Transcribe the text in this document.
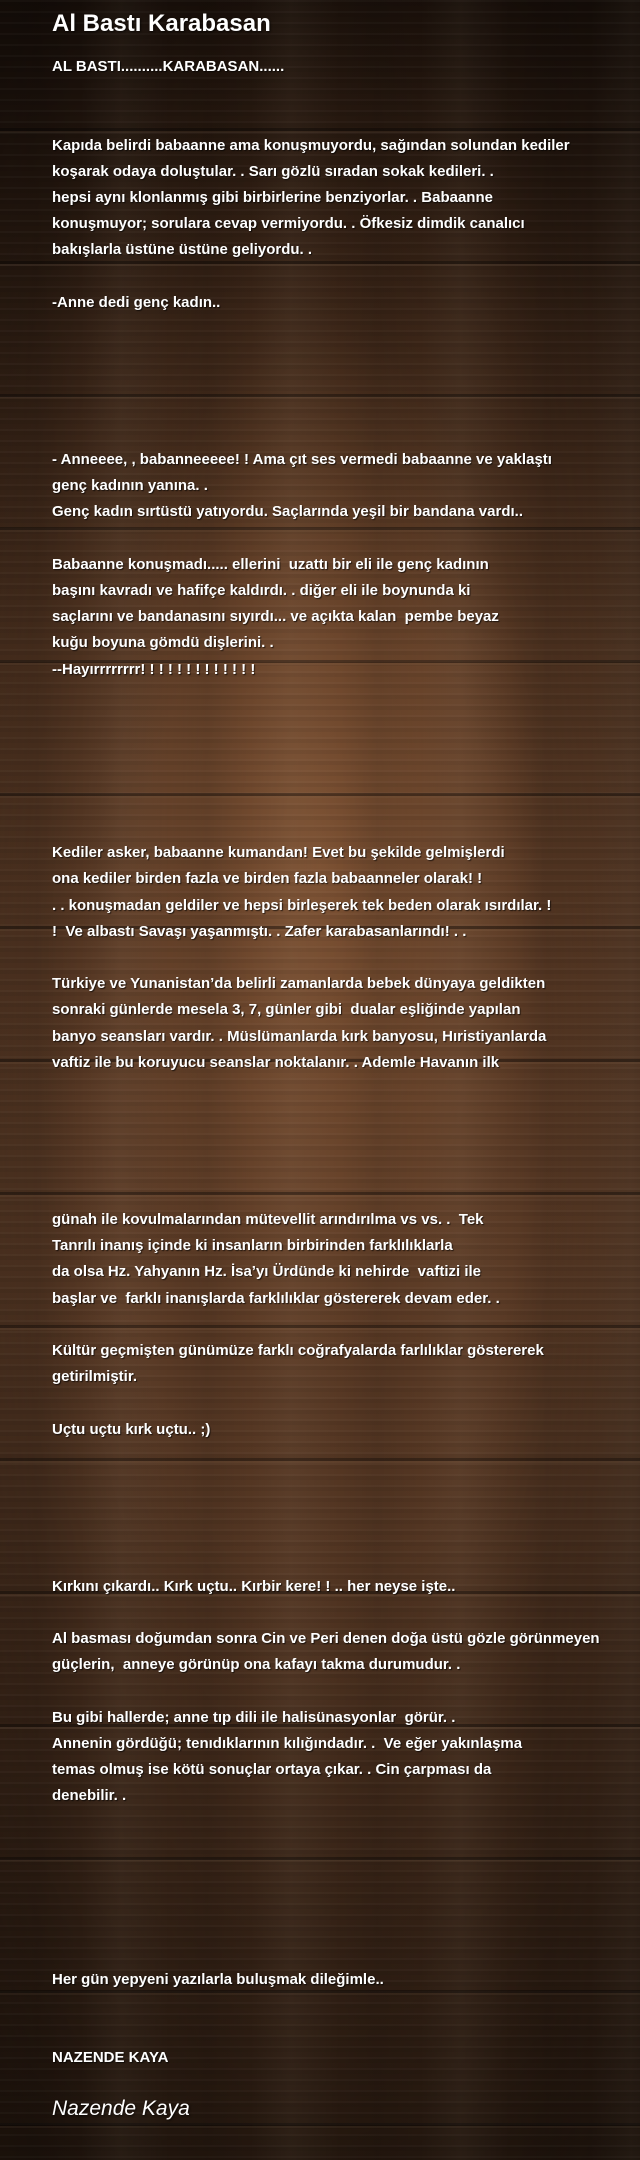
Al Bastı Karabasan
AL BASTI..........KARABASAN......

Kapıda belirdi babaanne ama konuşmuyordu, sağından solundan kediler
koşarak odaya doluştular. . Sarı gözlü sıradan sokak kedileri. .
hepsi aynı klonlanmış gibi birbirlerine benziyorlar. . Babaanne
konuşmuyor; sorulara cevap vermiyordu. . Öfkesiz dimdik canalıcı
bakışlarla üstüne üstüne geliyordu. .

-Anne dedi genç kadın..

- Anneeee, , babanneeeee! ! Ama çıt ses vermedi babaanne ve yaklaştı
genç kadının yanına. .
Genç kadın sırtüstü yatıyordu. Saçlarında yeşil bir bandana vardı..

Babaanne konuşmadı..... ellerini  uzattı bir eli ile genç kadının
başını kavradı ve hafifçe kaldırdı. . diğer eli ile boynunda ki
saçlarını ve bandanasını sıyırdı... ve açıkta kalan  pembe beyaz
kuğu boyuna gömdü dişlerini. .
--Hayırrrrrrrr! ! ! ! ! ! ! ! ! ! ! ! !

Kediler asker, babaanne kumandan! Evet bu şekilde gelmişlerdi
ona kediler birden fazla ve birden fazla babaanneler olarak! !
. . konuşmadan geldiler ve hepsi birleşerek tek beden olarak ısırdılar. !
!  Ve albastı Savaşı yaşanmıştı. . Zafer karabasanlarındı! . .

Türkiye ve Yunanistan’da belirli zamanlarda bebek dünyaya geldikten
sonraki günlerde mesela 3, 7, günler gibi  dualar eşliğinde yapılan
banyo seansları vardır. . Müslümanlarda kırk banyosu, Hıristiyanlarda
vaftiz ile bu koruyucu seanslar noktalanır. . Ademle Havanın ilk

günah ile kovulmalarından mütevellit arındırılma vs vs. .  Tek
Tanrılı inanış içinde ki insanların birbirinden farklılıklarla
da olsa Hz. Yahyanın Hz. İsa’yı Ürdünde ki nehirde  vaftizi ile
başlar ve  farklı inanışlarda farklılıklar göstererek devam eder. .

Kültür geçmişten günümüze farklı coğrafyalarda farlılıklar göstererek
getirilmiştir.

Uçtu uçtu kırk uçtu.. ;)

Kırkını çıkardı.. Kırk uçtu.. Kırbir kere! ! .. her neyse işte..

Al basması doğumdan sonra Cin ve Peri denen doğa üstü gözle görünmeyen
güçlerin,  anneye görünüp ona kafayı takma durumudur. .

Bu gibi hallerde; anne tıp dili ile halisünasyonlar  görür. .
Annenin gördüğü; tenıdıklarının kılığındadır. .  Ve eğer yakınlaşma
temas olmuş ise kötü sonuçlar ortaya çıkar. . Cin çarpması da
denebilir. .

Her gün yepyeni yazılarla buluşmak dileğimle..

NAZENDE KAYA
Nazende Kaya
